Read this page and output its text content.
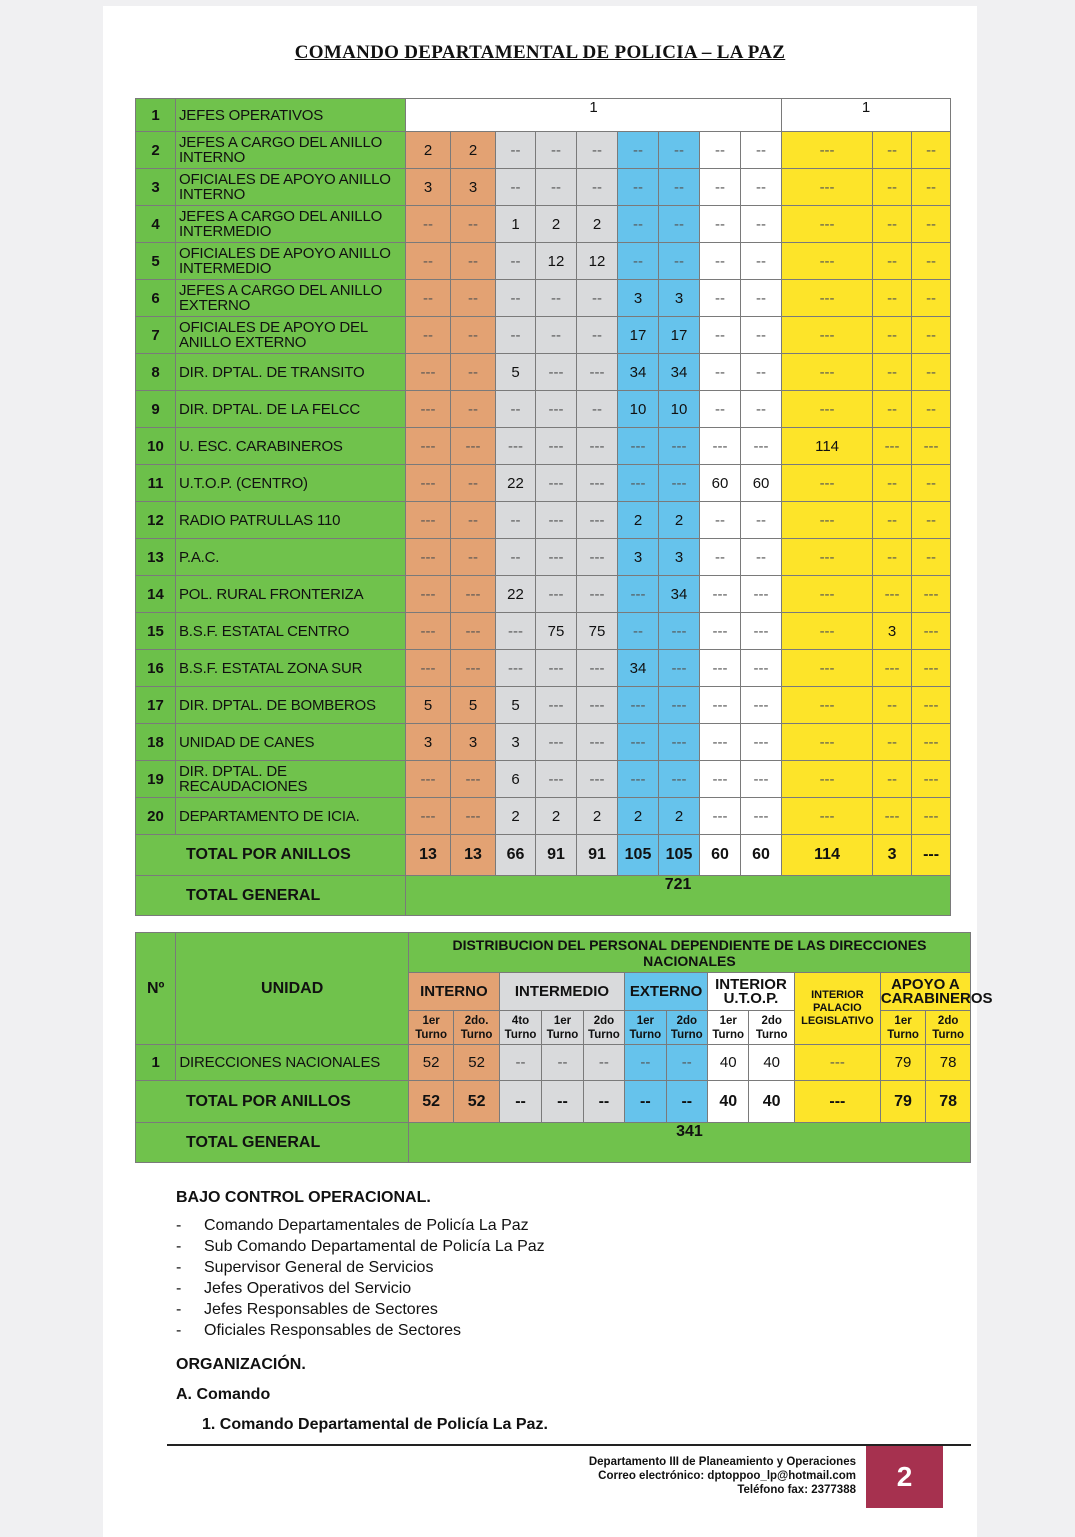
COMANDO DEPARTAMENTAL DE POLICIA – LA PAZ
1	JEFES OPERATIVOS	1									1		
2	JEFES A CARGO DEL ANILLO INTERNO	2	2	--	--	--	--	--	--	--	---	--	--
3	OFICIALES DE APOYO ANILLO INTERNO	3	3	--	--	--	--	--	--	--	---	--	--
4	JEFES A CARGO DEL ANILLO INTERMEDIO	--	--	1	2	2	--	--	--	--	---	--	--
5	OFICIALES DE APOYO ANILLO INTERMEDIO	--	--	--	12	12	--	--	--	--	---	--	--
6	JEFES A CARGO DEL ANILLO EXTERNO	--	--	--	--	--	3	3	--	--	---	--	--
7	OFICIALES DE APOYO DEL ANILLO EXTERNO	--	--	--	--	--	17	17	--	--	---	--	--
8	DIR. DPTAL. DE TRANSITO	---	--	5	---	---	34	34	--	--	---	--	--
9	DIR. DPTAL. DE LA FELCC	---	--	--	---	--	10	10	--	--	---	--	--
10	U. ESC. CARABINEROS	---	---	---	---	---	---	---	---	---	114	---	---
11	U.T.O.P. (CENTRO)	---	--	22	---	---	---	---	60	60	---	--	--
12	RADIO PATRULLAS 110	---	--	--	---	---	2	2	--	--	---	--	--
13	P.A.C.	---	--	--	---	---	3	3	--	--	---	--	--
14	POL. RURAL FRONTERIZA	---	---	22	---	---	---	34	---	---	---	---	---
15	B.S.F. ESTATAL CENTRO	---	---	---	75	75	--	---	---	---	---	3	---
16	B.S.F. ESTATAL ZONA SUR	---	---	---	---	---	34	---	---	---	---	---	---
17	DIR. DPTAL. DE BOMBEROS	5	5	5	---	---	---	---	---	---	---	--	---
18	UNIDAD DE CANES	3	3	3	---	---	---	---	---	---	---	--	---
19	DIR. DPTAL. DE RECAUDACIONES	---	---	6	---	---	---	---	---	---	---	--	---
20	DEPARTAMENTO DE ICIA.	---	---	2	2	2	2	2	---	---	---	---	---
TOTAL POR ANILLOS		13	13	66	91	91	105	105	60	60	114	3	---
TOTAL GENERAL		721											
Nº	UNIDAD	DISTRIBUCION DEL PERSONAL DEPENDIENTE DE LAS DIRECCIONES NACIONALES											
		INTERNO		INTERMEDIO			EXTERNO		INTERIOR U.T.O.P.		INTERIOR PALACIO LEGISLATIVO	APOYO A CARABINEROS	
		1er Turno	2do. Turno	4to Turno	1er Turno	2do Turno	1er Turno	2do Turno	1er Turno	2do Turno		1er Turno	2do Turno
1	DIRECCIONES NACIONALES	52	52	--	--	--	--	--	40	40	---	79	78
TOTAL POR ANILLOS		52	52	--	--	--	--	--	40	40	---	79	78
TOTAL GENERAL		341											
BAJO CONTROL OPERACIONAL.
- Comando Departamentales de Policía La Paz
- Sub Comando Departamental de Policía La Paz
- Supervisor General de Servicios
- Jefes Operativos del Servicio
- Jefes Responsables de Sectores
- Oficiales Responsables de Sectores
ORGANIZACIÓN.
A. Comando
1. Comando Departamental de Policía La Paz.
Departamento III de Planeamiento y Operaciones
Correo electrónico: dptoppoo_lp@hotmail.com
Teléfono fax: 2377388	2
